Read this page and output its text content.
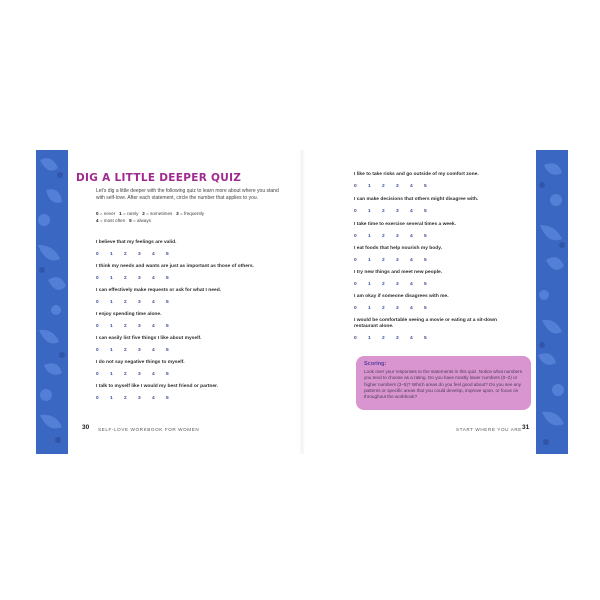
DIG A LITTLE DEEPER QUIZ
Let's dig a little deeper with the following quiz to learn more about where you stand with self-love. After each statement, circle the number that applies to you.
0 = never 1 = rarely 2 = sometimes 3 = frequently
4 = most often 5 = always
I believe that my feelings are valid.
0	1	2	3	4	5
I think my needs and wants are just as important as those of others.
0	1	2	3	4	5
I can effectively make requests or ask for what I need.
0	1	2	3	4	5
I enjoy spending time alone.
0	1	2	3	4	5
I can easily list five things I like about myself.
0	1	2	3	4	5
I do not say negative things to myself.
0	1	2	3	4	5
I talk to myself like I would my best friend or partner.
0	1	2	3	4	5
30 SELF-LOVE WORKBOOK FOR WOMEN
I like to take risks and go outside of my comfort zone.
0	1	2	3	4	5
I can make decisions that others might disagree with.
0	1	2	3	4	5
I take time to exercise several times a week.
0	1	2	3	4	5
I eat foods that help nourish my body.
0	1	2	3	4	5
I try new things and meet new people.
0	1	2	3	4	5
I am okay if someone disagrees with me.
0	1	2	3	4	5
I would be comfortable seeing a movie or eating at a sit-down restaurant alone.
0	1	2	3	4	5
Scoring:
Look over your responses to the statements in this quiz. Notice what numbers you tend to choose as a rating. Do you have mostly lower numbers (0–2) or higher numbers (3–5)? Which areas do you feel good about? Do you see any patterns or specific areas that you could develop, improve upon, or focus on throughout the workbook?
START WHERE YOU ARE 31
